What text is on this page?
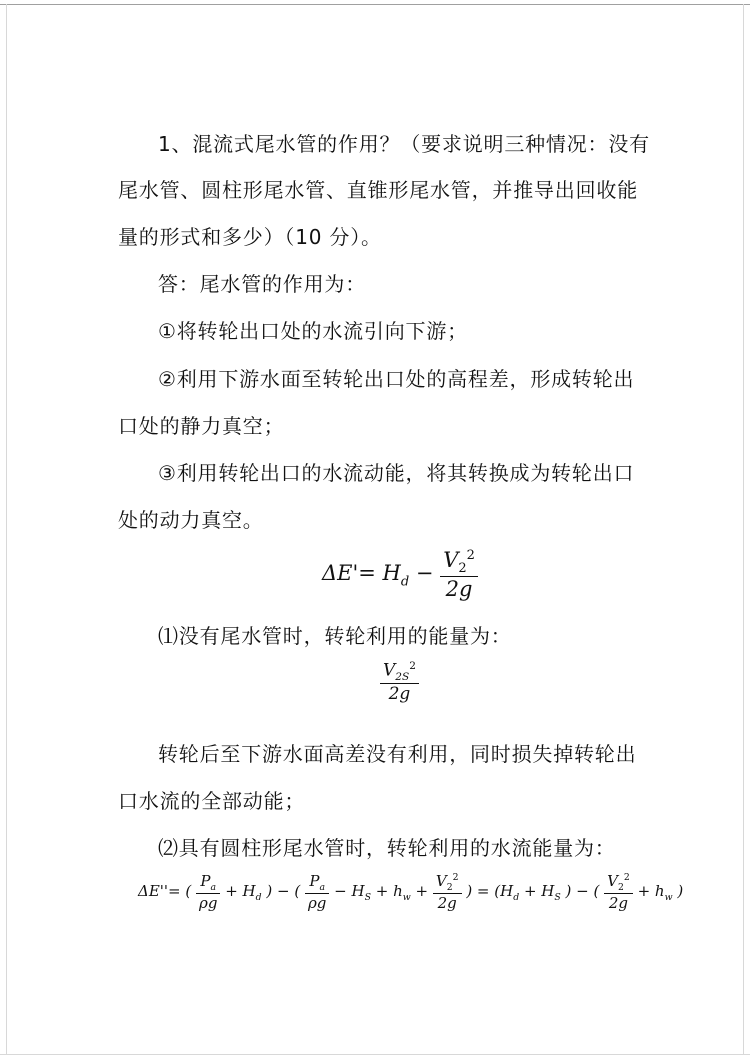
1、混流式尾水管的作用？（要求说明三种情况：没有
尾水管、圆柱形尾水管、直锥形尾水管，并推导出回收能
量的形式和多少）（10 分）。
答：尾水管的作用为：
①将转轮出口处的水流引向下游；
②利用下游水面至转轮出口处的高程差，形成转轮出
口处的静力真空；
③利用转轮出口的水流动能，将其转换成为转轮出口
处的动力真空。
$\Delta E'= H_d - \frac{V_2^2}{2g}$
⑴没有尾水管时，转轮利用的能量为：
$\frac{V_{2S}^2}{2g}$
转轮后至下游水面高差没有利用，同时损失掉转轮出
口水流的全部动能；
⑵具有圆柱形尾水管时，转轮利用的水流能量为：
ΔE''= ( $\frac{P_a}{\rho g} + H_d$ ) − ( $\frac{P_a}{\rho g} - H_S + h_w + \frac{V_2^2}{2g}$ ) = ($H_d + H_S$ ) − ( $\frac{V_2^2}{2g} + h_w$ )
